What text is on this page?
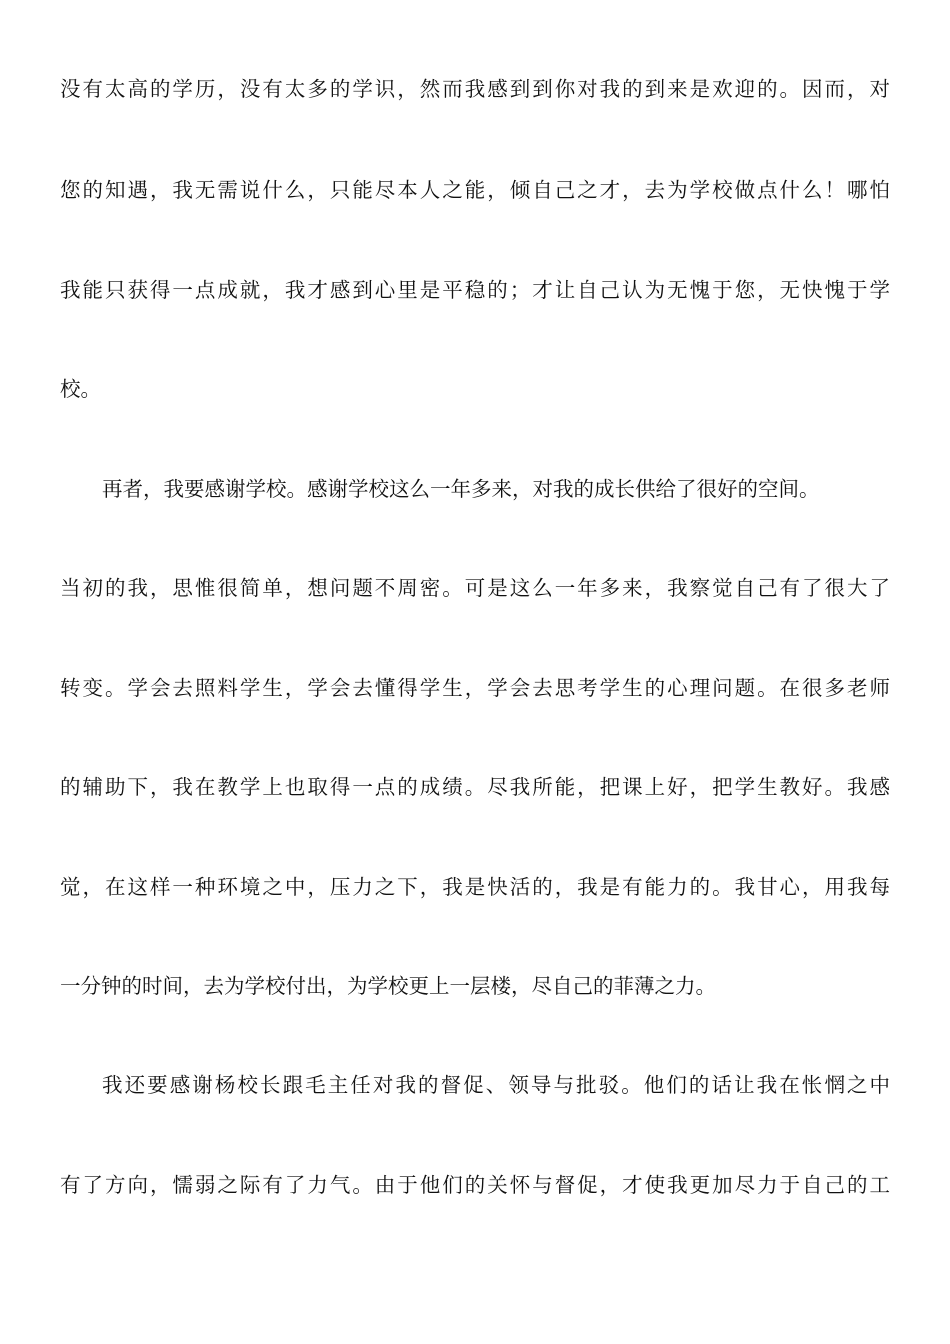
没有太高的学历，没有太多的学识，然而我感到到你对我的到来是欢迎的。因而，对
您的知遇，我无需说什么，只能尽本人之能，倾自己之才，去为学校做点什么！哪怕
我能只获得一点成就，我才感到心里是平稳的；才让自己认为无愧于您，无快愧于学
校。
再者，我要感谢学校。感谢学校这么一年多来，对我的成长供给了很好的空间。
当初的我，思惟很简单，想问题不周密。可是这么一年多来，我察觉自己有了很大了
转变。学会去照料学生，学会去懂得学生，学会去思考学生的心理问题。在很多老师
的辅助下，我在教学上也取得一点的成绩。尽我所能，把课上好，把学生教好。我感
觉，在这样一种环境之中，压力之下，我是快活的，我是有能力的。我甘心，用我每
一分钟的时间，去为学校付出，为学校更上一层楼，尽自己的菲薄之力。
我还要感谢杨校长跟毛主任对我的督促、领导与批驳。他们的话让我在怅惘之中
有了方向，懦弱之际有了力气。由于他们的关怀与督促，才使我更加尽力于自己的工
